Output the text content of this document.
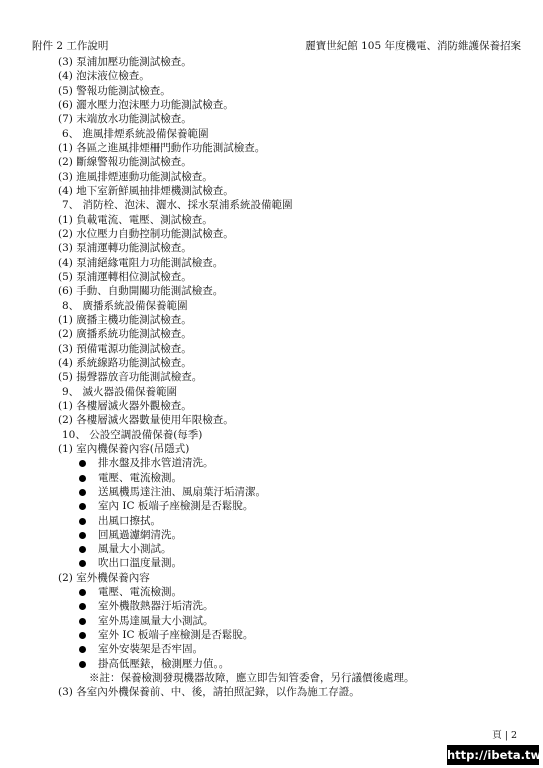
附件 2 工作說明	麗寶世紀館 105 年度機電、消防維護保養招案
(3) 泵浦加壓功能測試檢查。
(4) 泡沫液位檢查。
(5) 警報功能測試檢查。
(6) 灑水壓力泡沫壓力功能測試檢查。
(7) 末端放水功能測試檢查。
6、 進風排煙系統設備保養範圍
(1) 各區之進風排煙柵門動作功能測試檢查。
(2) 斷線警報功能測試檢查。
(3) 進風排煙連動功能測試檢查。
(4) 地下室新鮮風抽排煙機測試檢查。
7、 消防栓、泡沫、灑水、採水泵浦系統設備範圍
(1) 負載電流、電壓、測試檢查。
(2) 水位壓力自動控制功能測試檢查。
(3) 泵浦運轉功能測試檢查。
(4) 泵浦絕緣電阻力功能測試檢查。
(5) 泵浦運轉相位測試檢查。
(6) 手動、自動開關功能測試檢查。
8、 廣播系統設備保養範圍
(1) 廣播主機功能測試檢查。
(2) 廣播系統功能測試檢查。
(3) 預備電源功能測試檢查。
(4) 系統線路功能測試檢查。
(5) 揚聲器放音功能測試檢查。
9、 滅火器設備保養範圍
(1) 各樓層滅火器外觀檢查。
(2) 各樓層滅火器數量使用年限檢查。
10、 公設空調設備保養(每季)
(1) 室內機保養內容(吊隱式)
排水盤及排水管道清洗。
電壓、電流檢測。
送風機馬達注油、風扇葉汙垢清潔。
室內 IC 板端子座檢測是否鬆脫。
出風口擦拭。
回風過濾網清洗。
風量大小測試。
吹出口溫度量測。
(2) 室外機保養內容
電壓、電流檢測。
室外機散熱器汙垢清洗。
室外馬達風量大小測試。
室外 IC 板端子座檢測是否鬆脫。
室外安裝架是否牢固。
掛高低壓錶，檢測壓力值。。
※註：保養檢測發現機器故障，應立即告知管委會，另行議價後處理。
(3) 各室內外機保養前、中、後，請拍照記錄，以作為施工存證。
頁 | 2
http://ibeta.tw
